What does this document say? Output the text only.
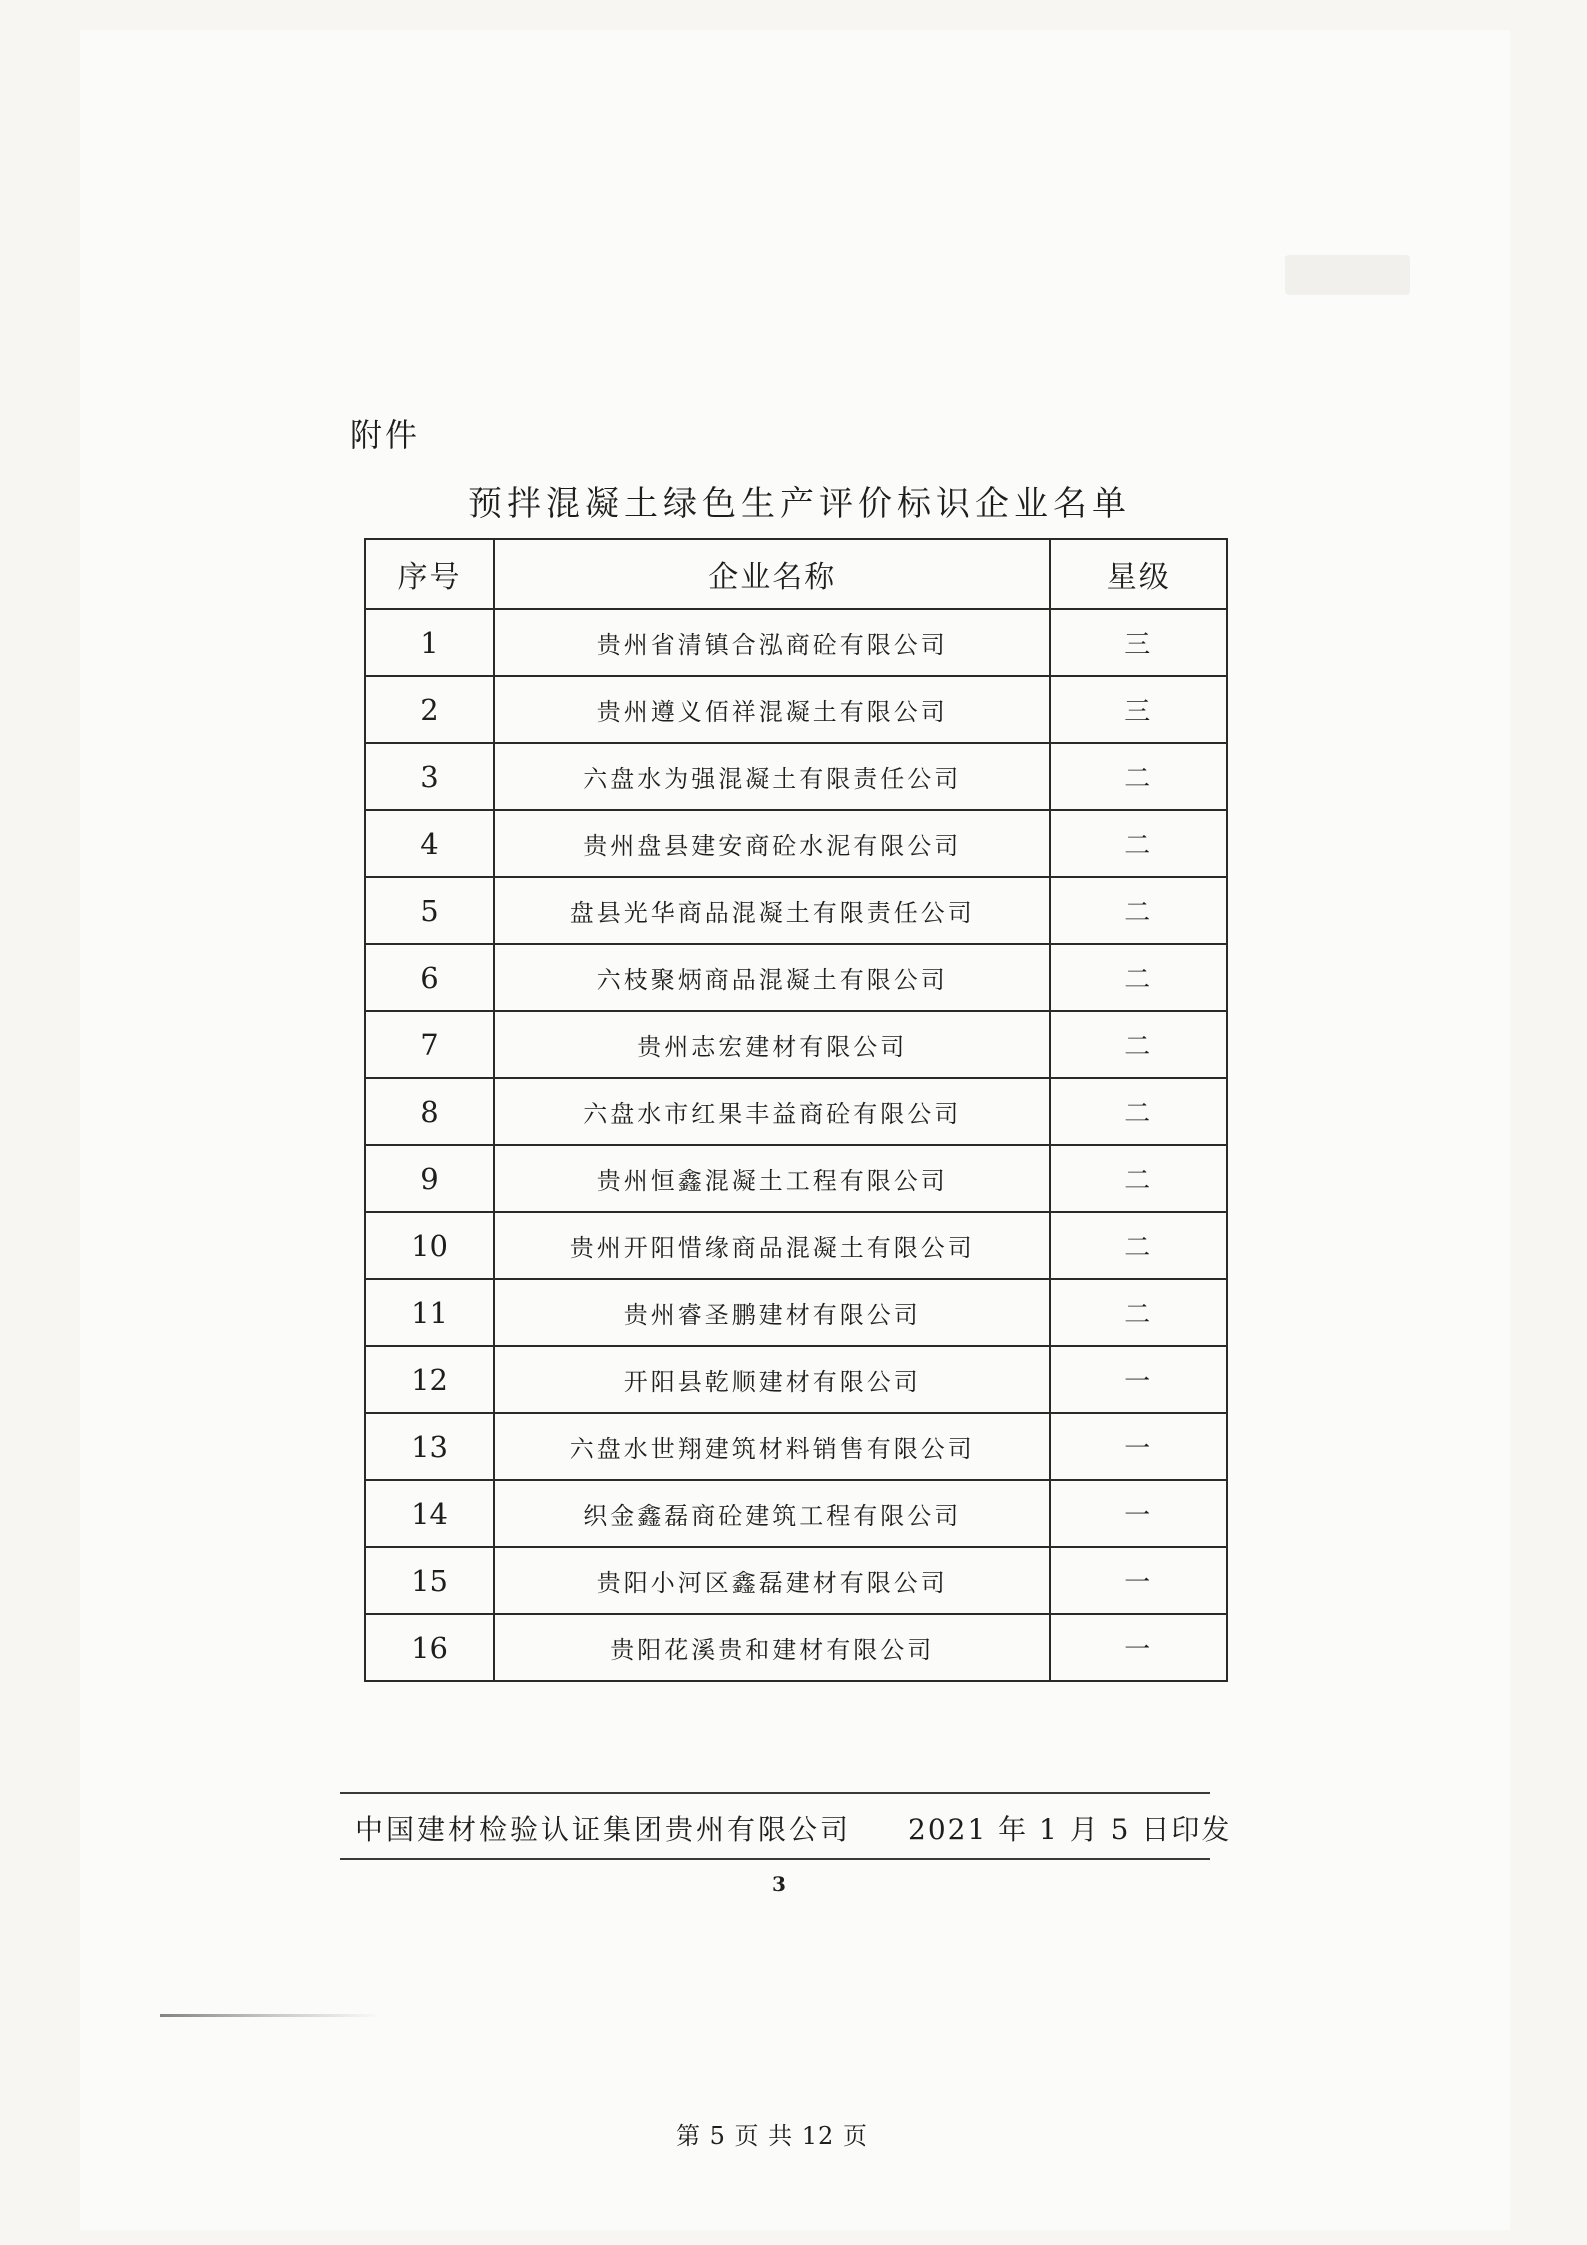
附件
预拌混凝土绿色生产评价标识企业名单
序号	企业名称	星级
1	贵州省清镇合泓商砼有限公司	三
2	贵州遵义佰祥混凝土有限公司	三
3	六盘水为强混凝土有限责任公司	二
4	贵州盘县建安商砼水泥有限公司	二
5	盘县光华商品混凝土有限责任公司	二
6	六枝聚炳商品混凝土有限公司	二
7	贵州志宏建材有限公司	二
8	六盘水市红果丰益商砼有限公司	二
9	贵州恒鑫混凝土工程有限公司	二
10	贵州开阳惜缘商品混凝土有限公司	二
11	贵州睿圣鹏建材有限公司	二
12	开阳县乾顺建材有限公司	一
13	六盘水世翔建筑材料销售有限公司	一
14	织金鑫磊商砼建筑工程有限公司	一
15	贵阳小河区鑫磊建材有限公司	一
16	贵阳花溪贵和建材有限公司	一
中国建材检验认证集团贵州有限公司 2021 年 1 月 5 日印发
3
第 5 页 共 12 页
